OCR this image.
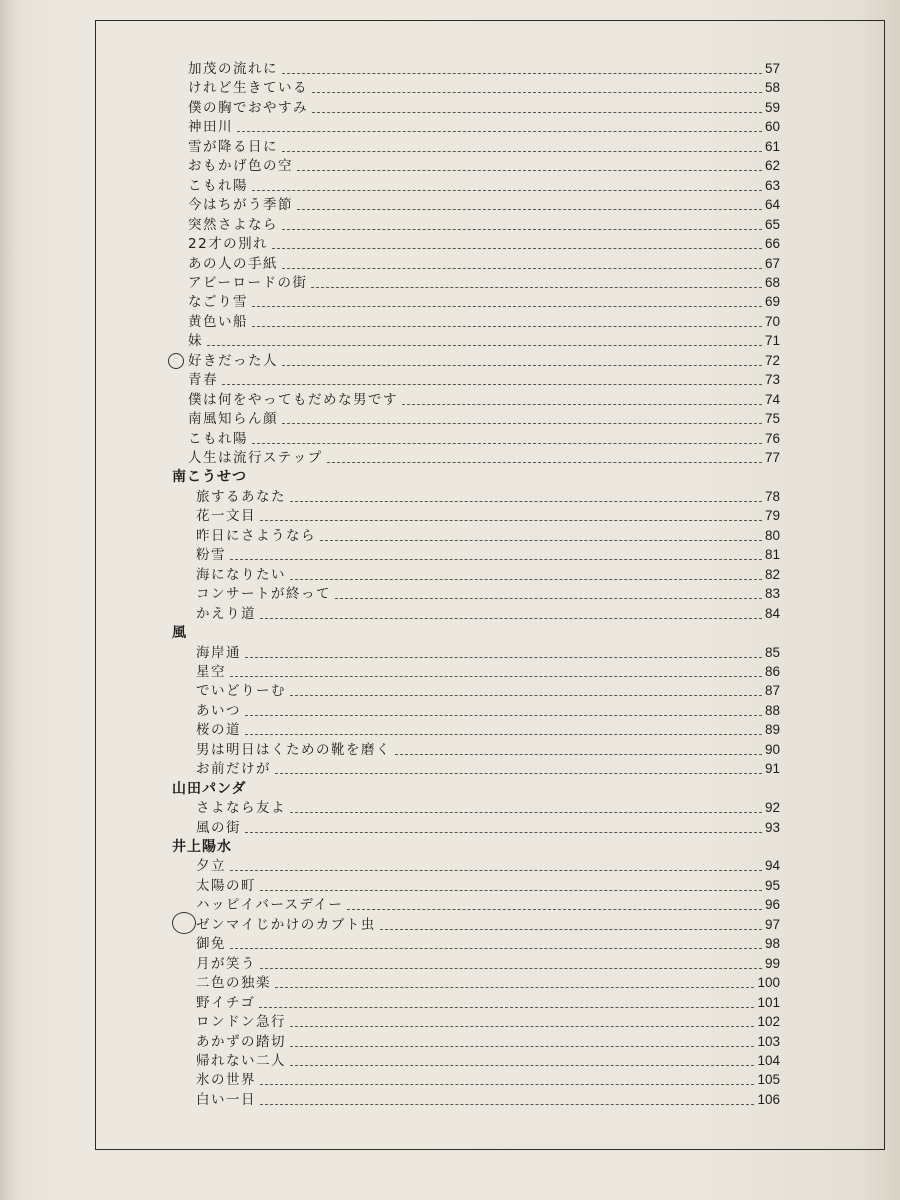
加茂の流れに	57
けれど生きている	58
僕の胸でおやすみ	59
神田川	60
雪が降る日に	61
おもかげ色の空	62
こもれ陽	63
今はちがう季節	64
突然さよなら	65
22才の別れ	66
あの人の手紙	67
アビーロードの街	68
なごり雪	69
黄色い船	70
妹	71
好きだった人	72
青春	73
僕は何をやってもだめな男です	74
南風知らん顔	75
こもれ陽	76
人生は流行ステップ	77
南こうせつ
旅するあなた	78
花一文目	79
昨日にさようなら	80
粉雪	81
海になりたい	82
コンサートが終って	83
かえり道	84
風
海岸通	85
星空	86
でいどりーむ	87
あいつ	88
桜の道	89
男は明日はくための靴を磨く	90
お前だけが	91
山田パンダ
さよなら友よ	92
風の街	93
井上陽水
夕立	94
太陽の町	95
ハッピイバースデイー	96
ゼンマイじかけのカブト虫	97
御免	98
月が笑う	99
二色の独楽	100
野イチゴ	101
ロンドン急行	102
あかずの踏切	103
帰れない二人	104
氷の世界	105
白い一日	106
